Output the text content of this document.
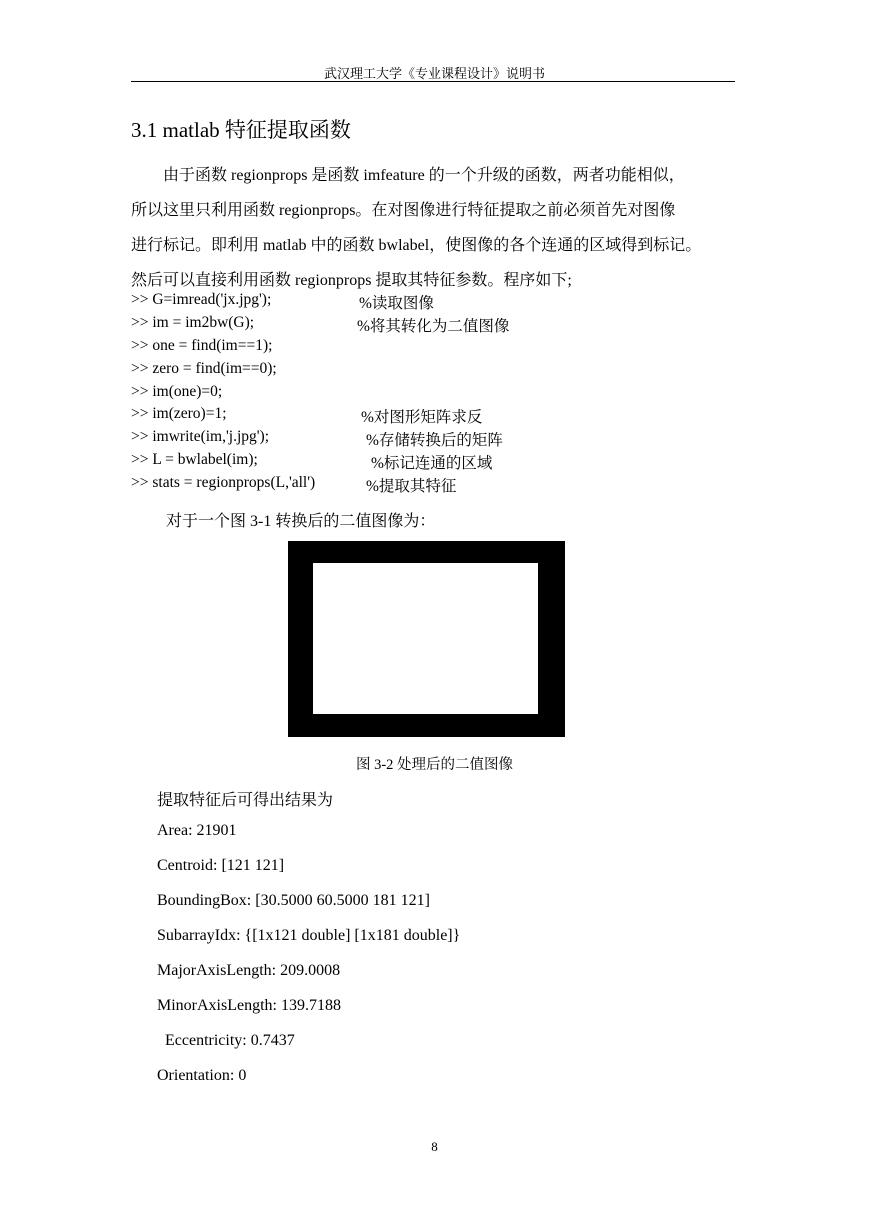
武汉理工大学《专业课程设计》说明书
3.1 matlab 特征提取函数
由于函数 regionprops 是函数 imfeature 的一个升级的函数，两者功能相似，
所以这里只利用函数 regionprops。在对图像进行特征提取之前必须首先对图像
进行标记。即利用 matlab 中的函数 bwlabel，使图像的各个连通的区域得到标记。
然后可以直接利用函数 regionprops 提取其特征参数。程序如下;
>> G=imread('jx.jpg');	%读取图像
>> im = im2bw(G);	%将其转化为二值图像
>> one = find(im==1);
>> zero = find(im==0);
>> im(one)=0;
>> im(zero)=1;	%对图形矩阵求反
>> imwrite(im,'j.jpg');	%存储转换后的矩阵
>> L = bwlabel(im);	%标记连通的区域
>> stats = regionprops(L,'all')	%提取其特征
对于一个图 3-1 转换后的二值图像为：
图 3-2 处理后的二值图像
提取特征后可得出结果为
Area: 21901
Centroid: [121 121]
BoundingBox: [30.5000 60.5000 181 121]
SubarrayIdx: {[1x121 double] [1x181 double]}
MajorAxisLength: 209.0008
MinorAxisLength: 139.7188
Eccentricity: 0.7437
Orientation: 0
8
